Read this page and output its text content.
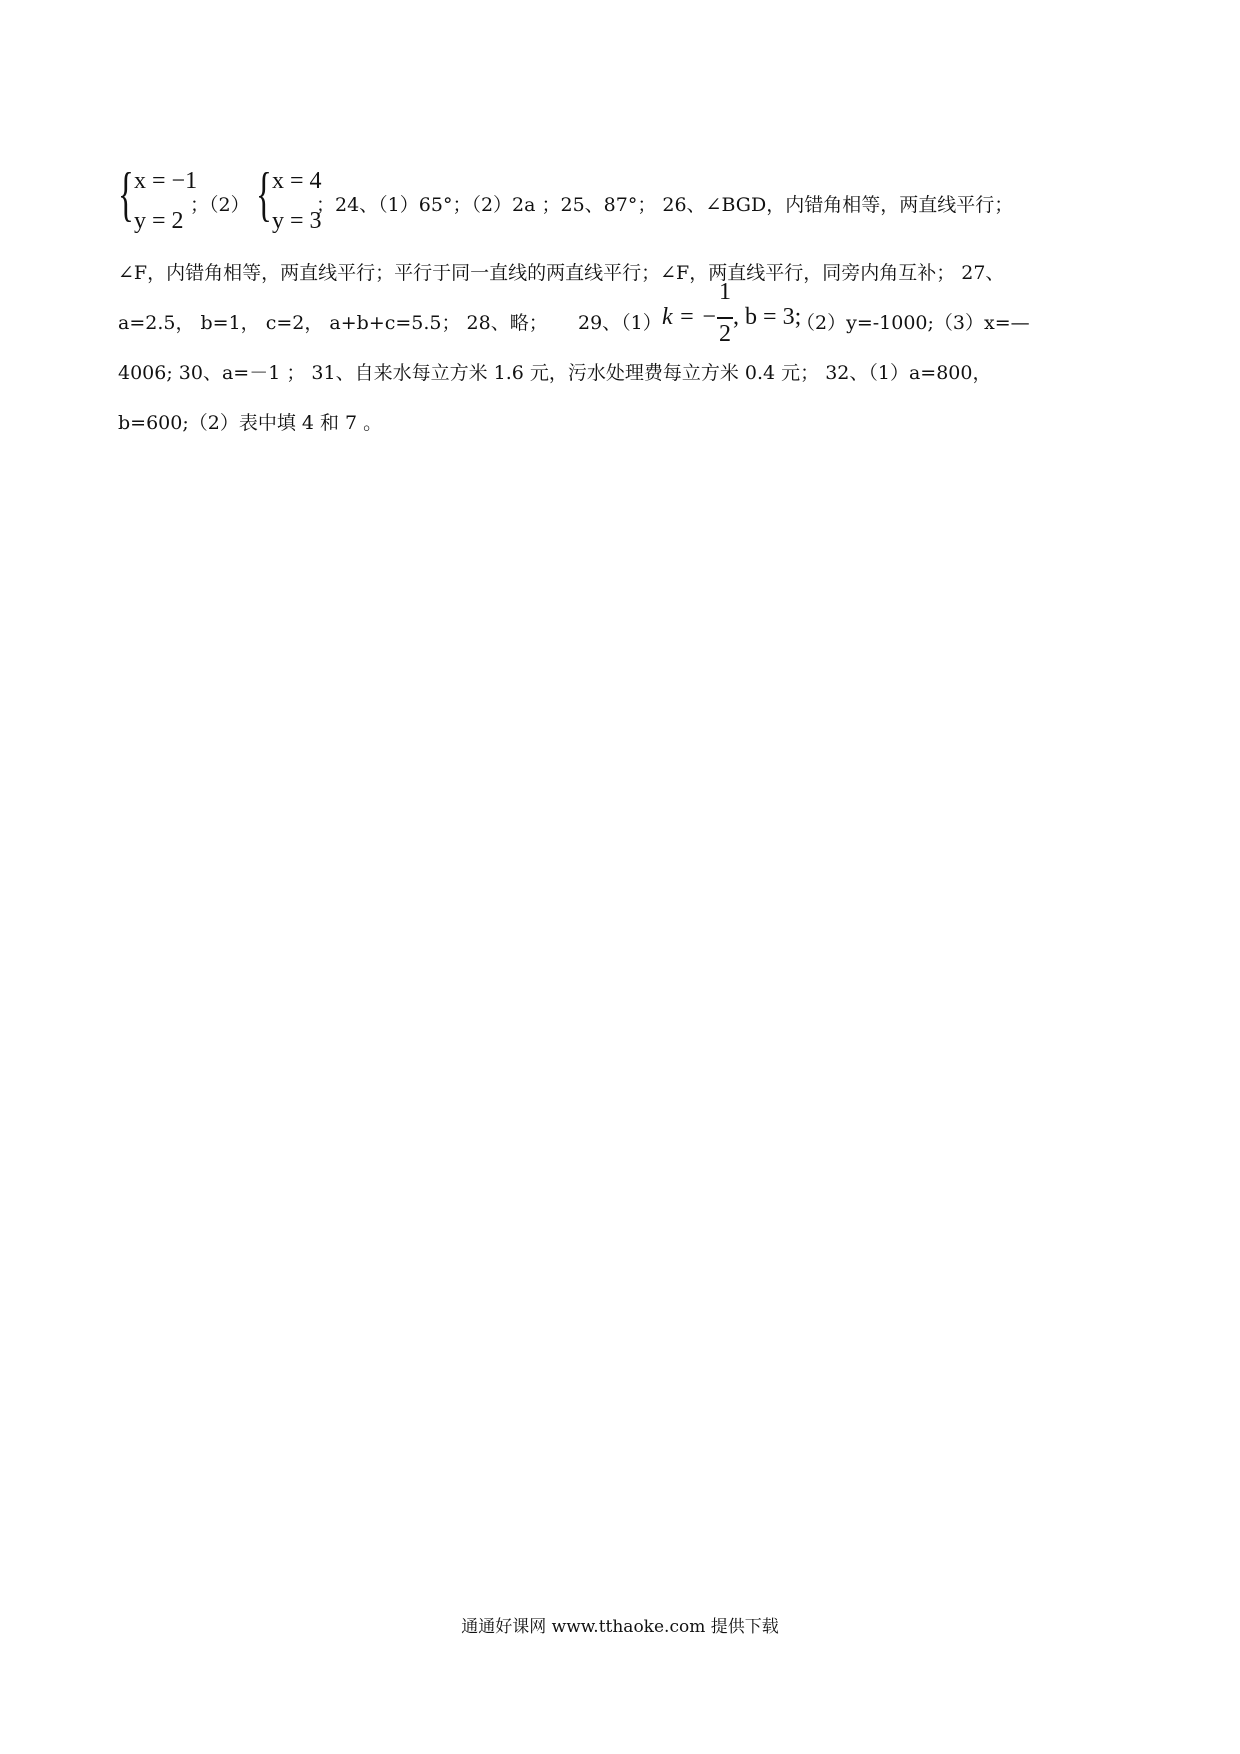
{ x = −1
y = 2
；（2） { x = 4
y = 3
；24、（1）65°；（2）2a ；25、87°； 26、∠BGD，内错角相等，两直线平行；
∠F，内错角相等，两直线平行；平行于同一直线的两直线平行；∠F，两直线平行，同旁内角互补； 27、
a=2.5， b=1， c=2， a+b+c=5.5； 28、略； 29、（1） k = − $\frac{1}{2}$ , b = 3;
（2）y=-1000;（3）x=—
4006; 30、a=－1 ； 31、自来水每立方米 1.6 元，污水处理费每立方米 0.4 元； 32、（1）a=800，
b=600;（2）表中填 4 和 7 。
通通好课网 www.tthaoke.com 提供下载
